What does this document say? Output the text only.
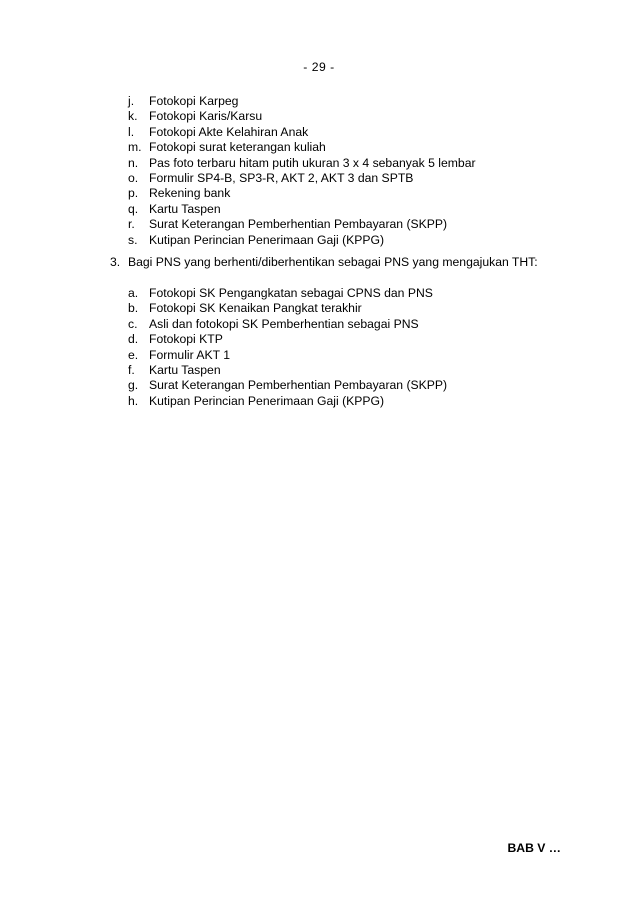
- 29 -
j.	Fotokopi Karpeg
k. Fotokopi Karis/Karsu
l.	Fotokopi Akte Kelahiran Anak
m. Fotokopi surat keterangan kuliah
n. Pas foto terbaru hitam putih ukuran 3 x 4 sebanyak 5 lembar
o. Formulir SP4-B, SP3-R, AKT 2, AKT 3 dan SPTB
p. Rekening bank
q. Kartu Taspen
r.	Surat Keterangan Pemberhentian Pembayaran (SKPP)
s. Kutipan Perincian Penerimaan Gaji (KPPG)
3. Bagi PNS yang berhenti/diberhentikan sebagai PNS yang mengajukan THT:
a. Fotokopi SK Pengangkatan sebagai CPNS dan PNS
b. Fotokopi SK Kenaikan Pangkat terakhir
c. Asli dan fotokopi SK Pemberhentian sebagai PNS
d. Fotokopi KTP
e. Formulir AKT 1
f.	Kartu Taspen
g. Surat Keterangan Pemberhentian Pembayaran (SKPP)
h. Kutipan Perincian Penerimaan Gaji (KPPG)
BAB V …
